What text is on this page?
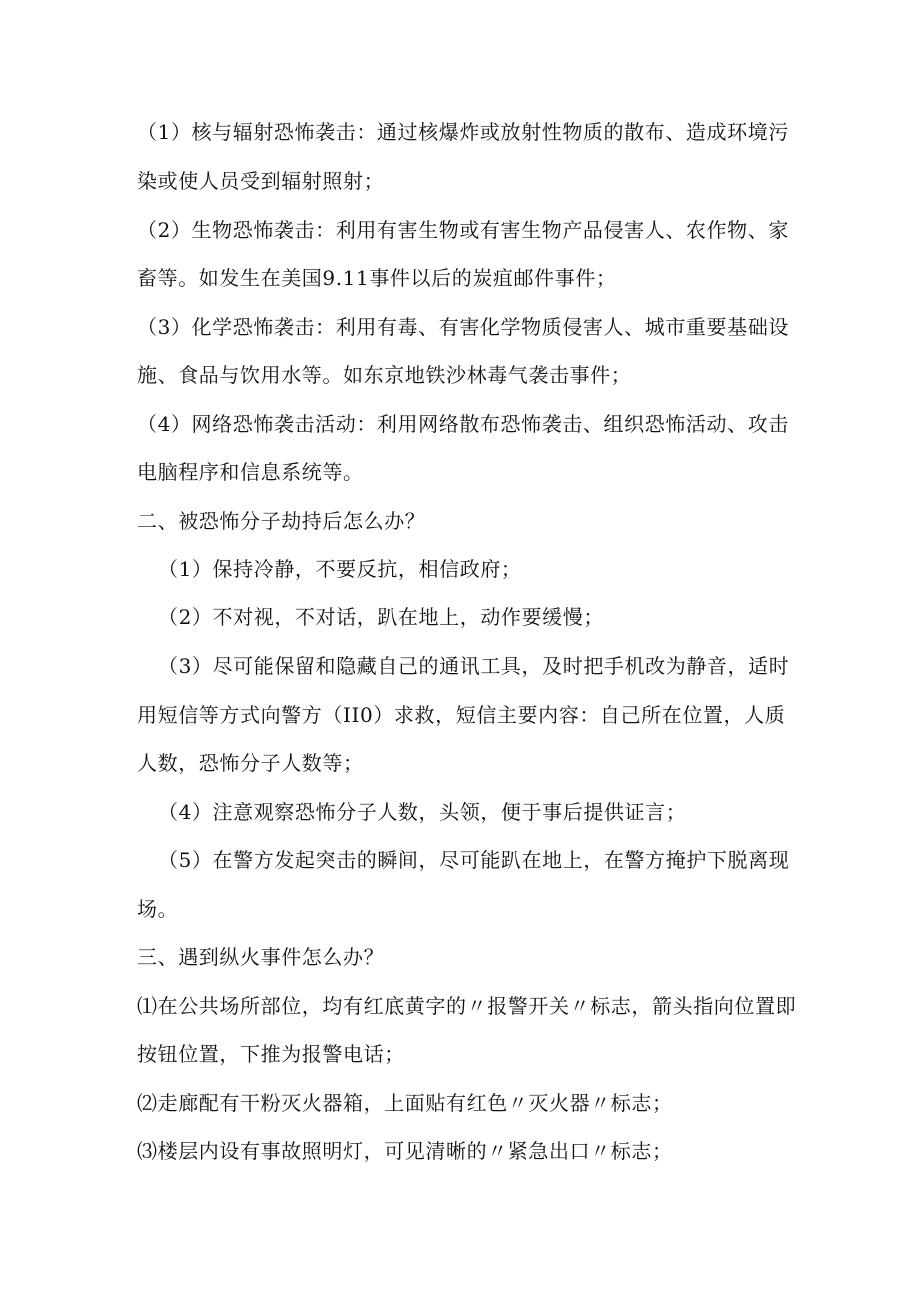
（1）核与辐射恐怖袭击：通过核爆炸或放射性物质的散布、造成环境污

染或使人员受到辐射照射；

（2）生物恐怖袭击：利用有害生物或有害生物产品侵害人、农作物、家

畜等。如发生在美国9.11事件以后的炭疽邮件事件；

（3）化学恐怖袭击：利用有毒、有害化学物质侵害人、城市重要基础设

施、食品与饮用水等。如东京地铁沙林毒气袭击事件；

（4）网络恐怖袭击活动：利用网络散布恐怖袭击、组织恐怖活动、攻击

电脑程序和信息系统等。

二、被恐怖分子劫持后怎么办？

（1）保持冷静，不要反抗，相信政府；

（2）不对视，不对话，趴在地上，动作要缓慢；

（3）尽可能保留和隐藏自己的通讯工具，及时把手机改为静音，适时

用短信等方式向警方（II0）求救，短信主要内容：自己所在位置，人质

人数，恐怖分子人数等；

（4）注意观察恐怖分子人数，头领，便于事后提供证言；

（5）在警方发起突击的瞬间，尽可能趴在地上，在警方掩护下脱离现

场。

三、遇到纵火事件怎么办？

⑴在公共场所部位，均有红底黄字的〃报警开关〃标志，箭头指向位置即

按钮位置，下推为报警电话；

⑵走廊配有干粉灭火器箱，上面贴有红色〃灭火器〃标志；

⑶楼层内设有事故照明灯，可见清晰的〃紧急出口〃标志；
